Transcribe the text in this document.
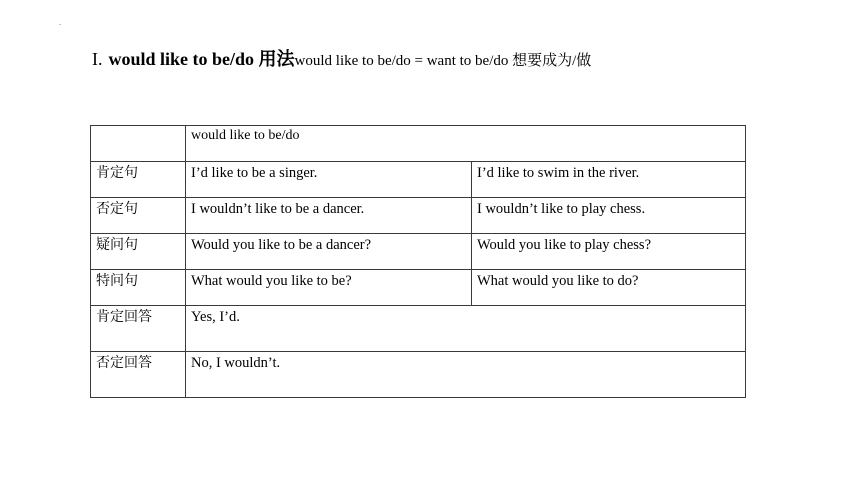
.
I. would like to be/do 用法would like to be/do = want to be/do 想要成为/做
	would like to be/do	
肯定句	I’d like to be a singer.	I’d like to swim in the river.
否定句	I wouldn’t like to be a dancer.	I wouldn’t like to play chess.
疑问句	Would you like to be a dancer?	Would you like to play chess?
特问句	What would you like to be?	What would you like to do?
肯定回答	Yes, I’d.	
否定回答	No, I wouldn’t.	
